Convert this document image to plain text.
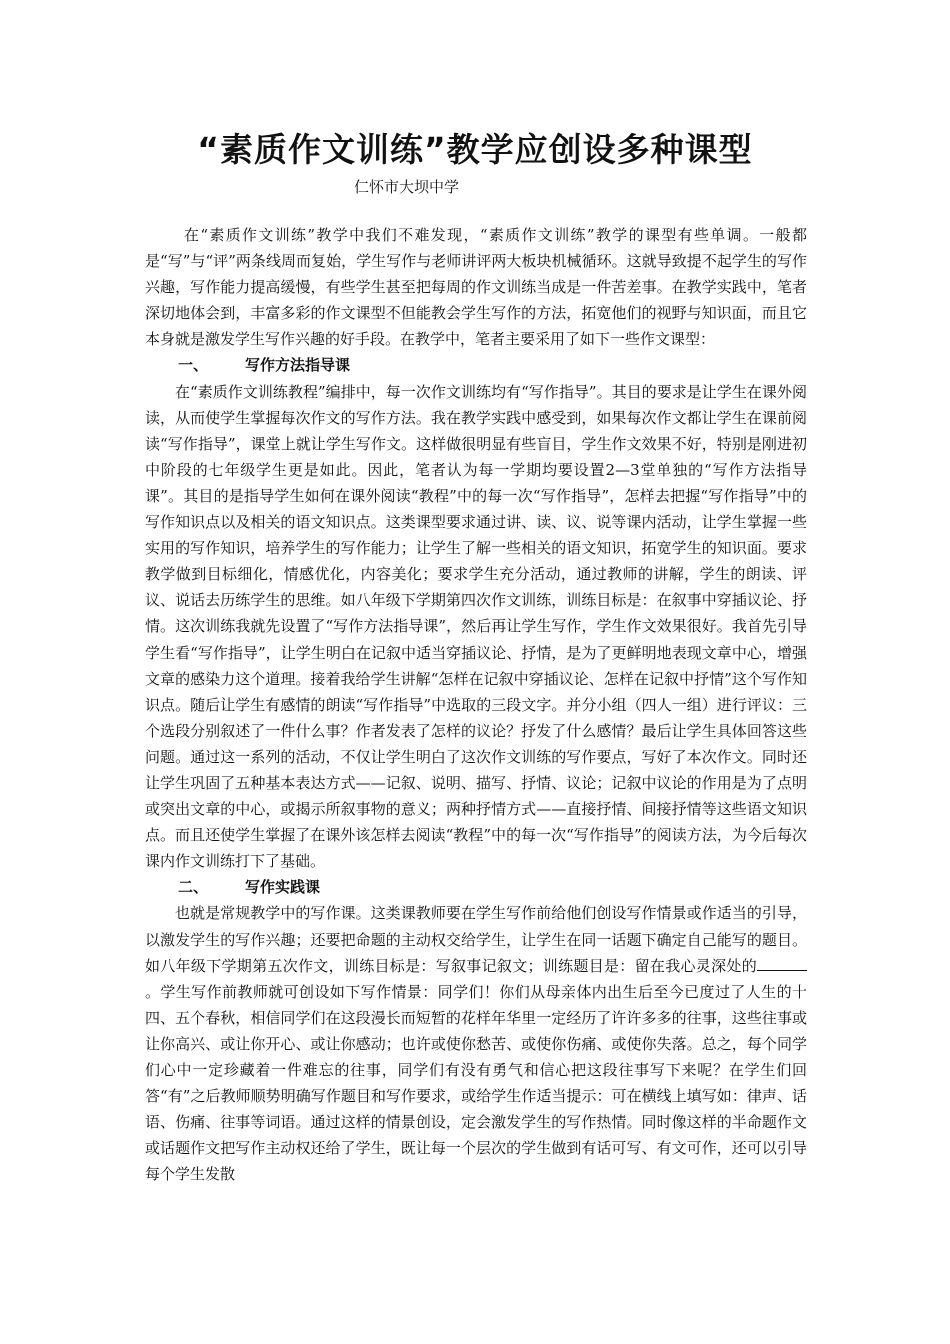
“素质作文训练”教学应创设多种课型
仁怀市大坝中学

在“素质作文训练”教学中我们不难发现，“素质作文训练”教学的课型有些单调。一般都是“写”与“评”两条线周而复始，学生写作与老师讲评两大板块机械循环。这就导致提不起学生的写作兴趣，写作能力提高缓慢，有些学生甚至把每周的作文训练当成是一件苦差事。在教学实践中，笔者深切地体会到，丰富多彩的作文课型不但能教会学生写作的方法，拓宽他们的视野与知识面，而且它本身就是激发学生写作兴趣的好手段。在教学中，笔者主要采用了如下一些作文课型：

一、 写作方法指导课

在“素质作文训练教程”编排中，每一次作文训练均有“写作指导”。其目的要求是让学生在课外阅读，从而使学生掌握每次作文的写作方法。我在教学实践中感受到，如果每次作文都让学生在课前阅读“写作指导”，课堂上就让学生写作文。这样做很明显有些盲目，学生作文效果不好，特别是刚进初中阶段的七年级学生更是如此。因此，笔者认为每一学期均要设置2—3堂单独的“写作方法指导课”。其目的是指导学生如何在课外阅读“教程”中的每一次“写作指导”，怎样去把握“写作指导”中的写作知识点以及相关的语文知识点。这类课型要求通过讲、读、议、说等课内活动，让学生掌握一些实用的写作知识，培养学生的写作能力；让学生了解一些相关的语文知识，拓宽学生的知识面。要求教学做到目标细化，情感优化，内容美化；要求学生充分活动，通过教师的讲解，学生的朗读、评议、说话去历练学生的思维。如八年级下学期第四次作文训练，训练目标是：在叙事中穿插议论、抒情。这次训练我就先设置了“写作方法指导课”，然后再让学生写作，学生作文效果很好。我首先引导学生看“写作指导”，让学生明白在记叙中适当穿插议论、抒情，是为了更鲜明地表现文章中心，增强文章的感染力这个道理。接着我给学生讲解“怎样在记叙中穿插议论、怎样在记叙中抒情”这个写作知识点。随后让学生有感情的朗读“写作指导”中选取的三段文字。并分小组（四人一组）进行评议：三个选段分别叙述了一件什么事？作者发表了怎样的议论？抒发了什么感情？最后让学生具体回答这些问题。通过这一系列的活动，不仅让学生明白了这次作文训练的写作要点，写好了本次作文。同时还让学生巩固了五种基本表达方式——记叙、说明、描写、抒情、议论；记叙中议论的作用是为了点明或突出文章的中心，或揭示所叙事物的意义；两种抒情方式——直接抒情、间接抒情等这些语文知识点。而且还使学生掌握了在课外该怎样去阅读“教程”中的每一次“写作指导”的阅读方法，为今后每次课内作文训练打下了基础。

二、 写作实践课

也就是常规教学中的写作课。这类课教师要在学生写作前给他们创设写作情景或作适当的引导，以激发学生的写作兴趣；还要把命题的主动权交给学生，让学生在同一话题下确定自己能写的题目。如八年级下学期第五次作文，训练目标是：写叙事记叙文；训练题目是：留在我心灵深处的。学生写作前教师就可创设如下写作情景：同学们！你们从母亲体内出生后至今已度过了人生的十四、五个春秋，相信同学们在这段漫长而短暂的花样年华里一定经历了许许多多的往事，这些往事或让你高兴、或让你开心、或让你感动；也许或使你愁苦、或使你伤痛、或使你失落。总之，每个同学们心中一定珍藏着一件难忘的往事，同学们有没有勇气和信心把这段往事写下来呢？在学生们回答“有”之后教师顺势明确写作题目和写作要求，或给学生作适当提示：可在横线上填写如：律声、话语、伤痛、往事等词语。通过这样的情景创设，定会激发学生的写作热情。同时像这样的半命题作文或话题作文把写作主动权还给了学生，既让每一个层次的学生做到有话可写、有文可作，还可以引导每个学生发散
